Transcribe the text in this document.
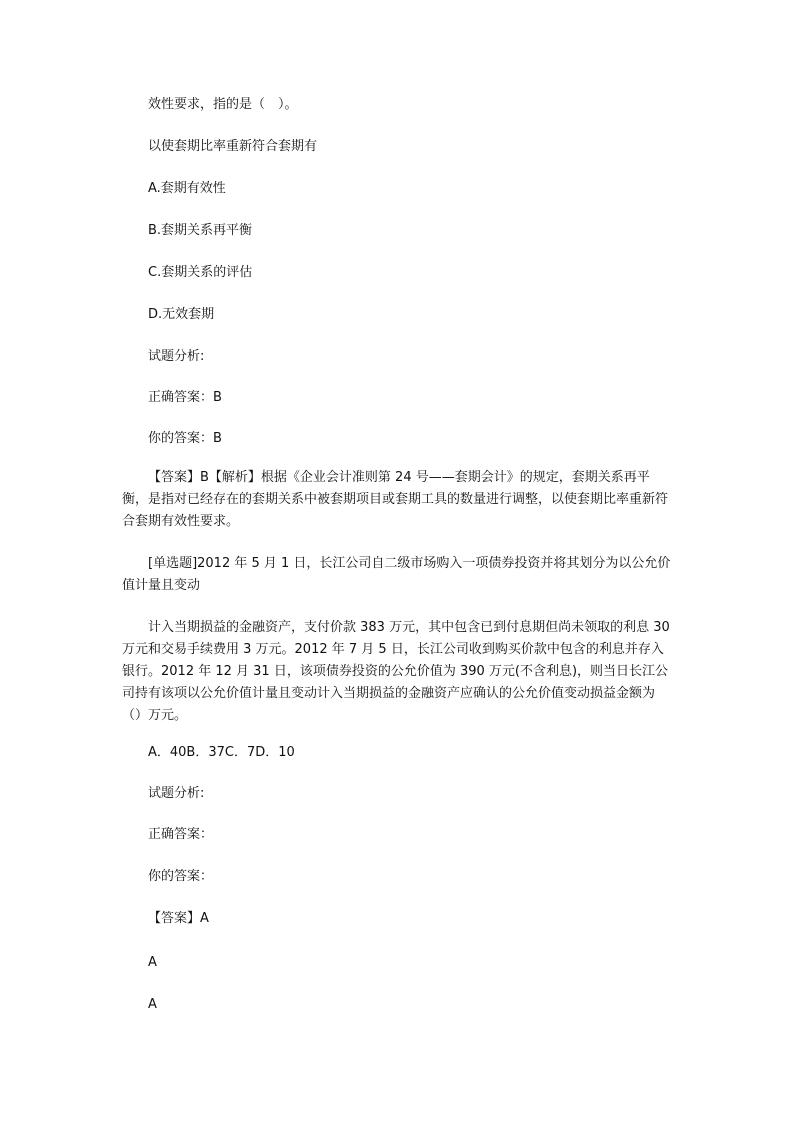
效性要求，指的是（　）。
以使套期比率重新符合套期有
A.套期有效性
B.套期关系再平衡
C.套期关系的评估
D.无效套期
试题分析:
正确答案：B
你的答案：B
【答案】B【解析】根据《企业会计准则第 24 号——套期会计》的规定，套期关系再平衡，是指对已经存在的套期关系中被套期项目或套期工具的数量进行调整，以使套期比率重新符合套期有效性要求。
[单选题]2012 年 5 月 1 日，长江公司自二级市场购入一项债券投资并将其划分为以公允价值计量且变动
计入当期损益的金融资产，支付价款 383 万元，其中包含已到付息期但尚未领取的利息 30 万元和交易手续费用 3 万元。2012 年 7 月 5 日，长江公司收到购买价款中包含的利息并存入银行。2012 年 12 月 31 日，该项债券投资的公允价值为 390 万元(不含利息)，则当日长江公司持有该项以公允价值计量且变动计入当期损益的金融资产应确认的公允价值变动损益金额为（）万元。
A．40B．37C．7D．10
试题分析:
正确答案：
你的答案：
【答案】A
A
A
